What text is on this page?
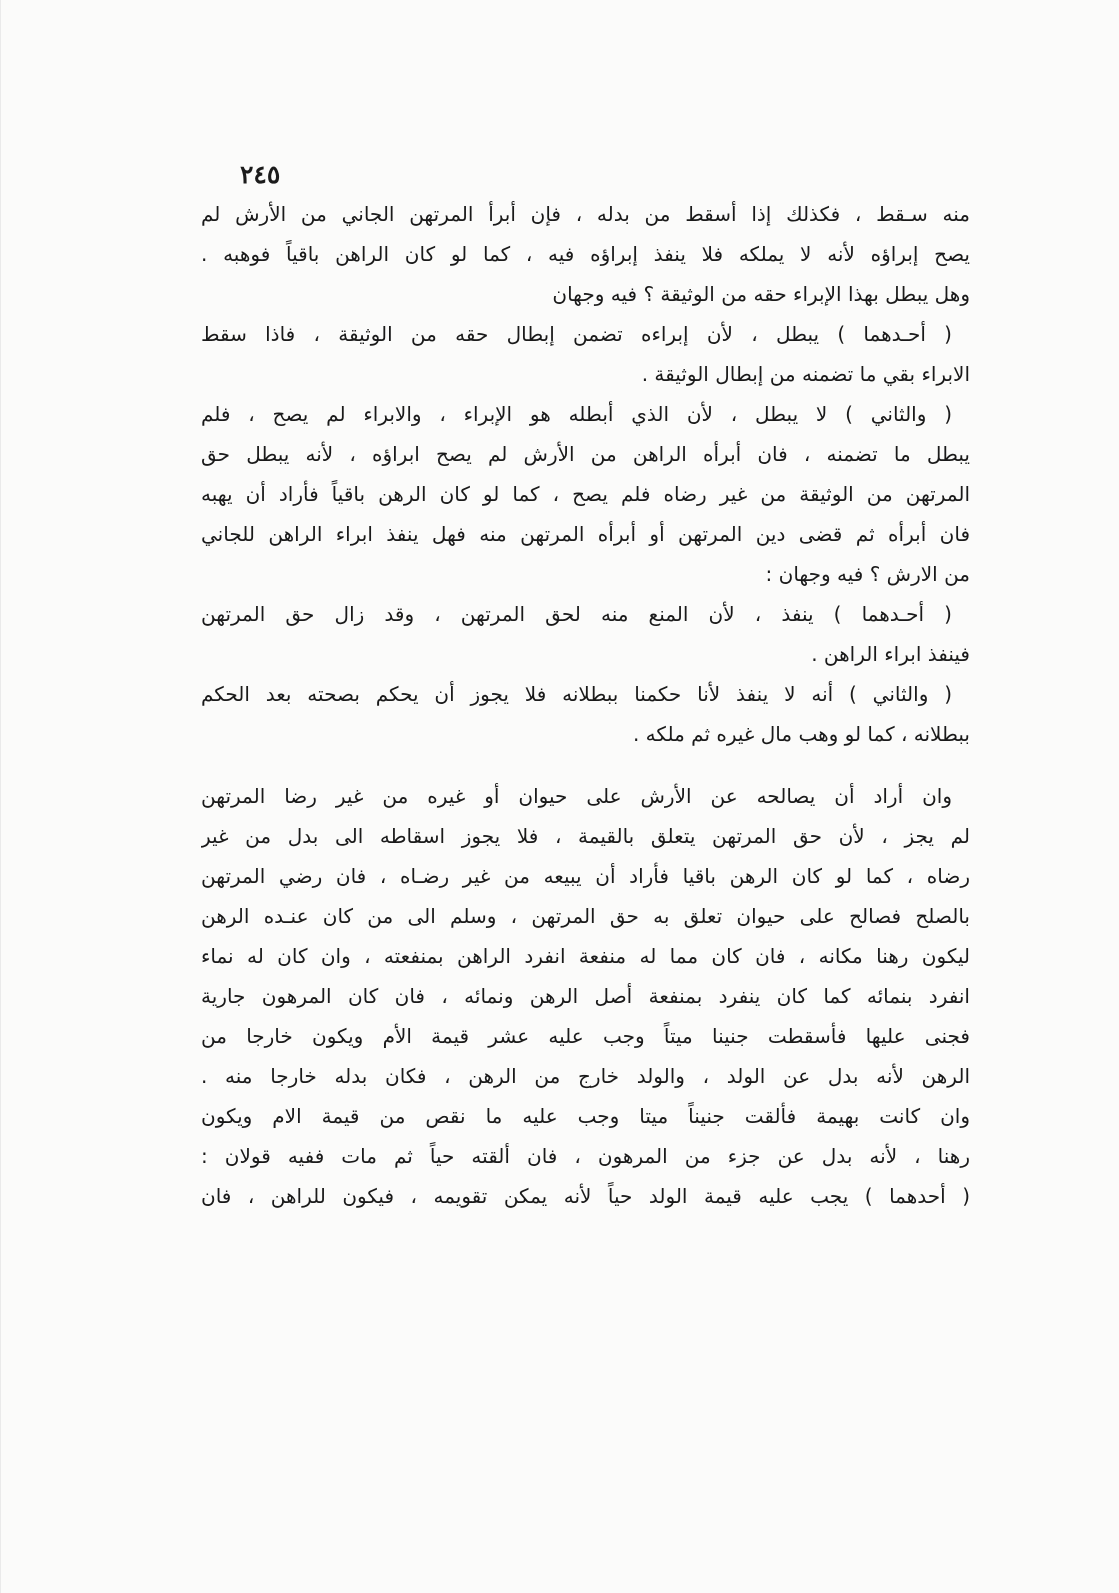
٢٤٥
منه سـقط ، فكذلك إذا أسقط من بدله ، فإن أبرأ المرتهن الجاني من الأرش لم
يصح إبراؤه لأنه لا يملكه فلا ينفذ إبراؤه فيه ، كما لو كان الراهن باقياً فوهبه .
وهل يبطل بهذا الإبراء حقه من الوثيقة ؟ فيه وجهان
( أحـدهما ) يبطل ، لأن إبراءه تضمن إبطال حقه من الوثيقة ، فاذا سقط
الابراء بقي ما تضمنه من إبطال الوثيقة .
( والثاني ) لا يبطل ، لأن الذي أبطله هو الإبراء ، والابراء لم يصح ، فلم
يبطل ما تضمنه ، فان أبرأه الراهن من الأرش لم يصح ابراؤه ، لأنه يبطل حق
المرتهن من الوثيقة من غير رضاه فلم يصح ، كما لو كان الرهن باقياً فأراد أن يهبه
فان أبرأه ثم قضى دين المرتهن أو أبرأه المرتهن منه فهل ينفذ ابراء الراهن للجاني
من الارش ؟ فيه وجهان :
( أحـدهما ) ينفذ ، لأن المنع منه لحق المرتهن ، وقد زال حق المرتهن
فينفذ ابراء الراهن .
( والثاني ) أنه لا ينفذ لأنا حكمنا ببطلانه فلا يجوز أن يحكم بصحته بعد الحكم
ببطلانه ، كما لو وهب مال غيره ثم ملكه .
وان أراد أن يصالحه عن الأرش على حيوان أو غيره من غير رضا المرتهن
لم يجز ، لأن حق المرتهن يتعلق بالقيمة ، فلا يجوز اسقاطه الى بدل من غير
رضاه ، كما لو كان الرهن باقيا فأراد أن يبيعه من غير رضـاه ، فان رضي المرتهن
بالصلح فصالح على حيوان تعلق به حق المرتهن ، وسلم الى من كان عنـده الرهن
ليكون رهنا مكانه ، فان كان مما له منفعة انفرد الراهن بمنفعته ، وان كان له نماء
انفرد بنمائه كما كان ينفرد بمنفعة أصل الرهن ونمائه ، فان كان المرهون جارية
فجنى عليها فأسقطت جنينا ميتاً وجب عليه عشر قيمة الأم ويكون خارجا من
الرهن لأنه بدل عن الولد ، والولد خارج من الرهن ، فكان بدله خارجا منه .
وان كانت بهيمة فألقت جنيناً ميتا وجب عليه ما نقص من قيمة الام ويكون
رهنا ، لأنه بدل عن جزء من المرهون ، فان ألقته حياً ثم مات ففيه قولان :
( أحدهما ) يجب عليه قيمة الولد حياً لأنه يمكن تقويمه ، فيكون للراهن ، فان
